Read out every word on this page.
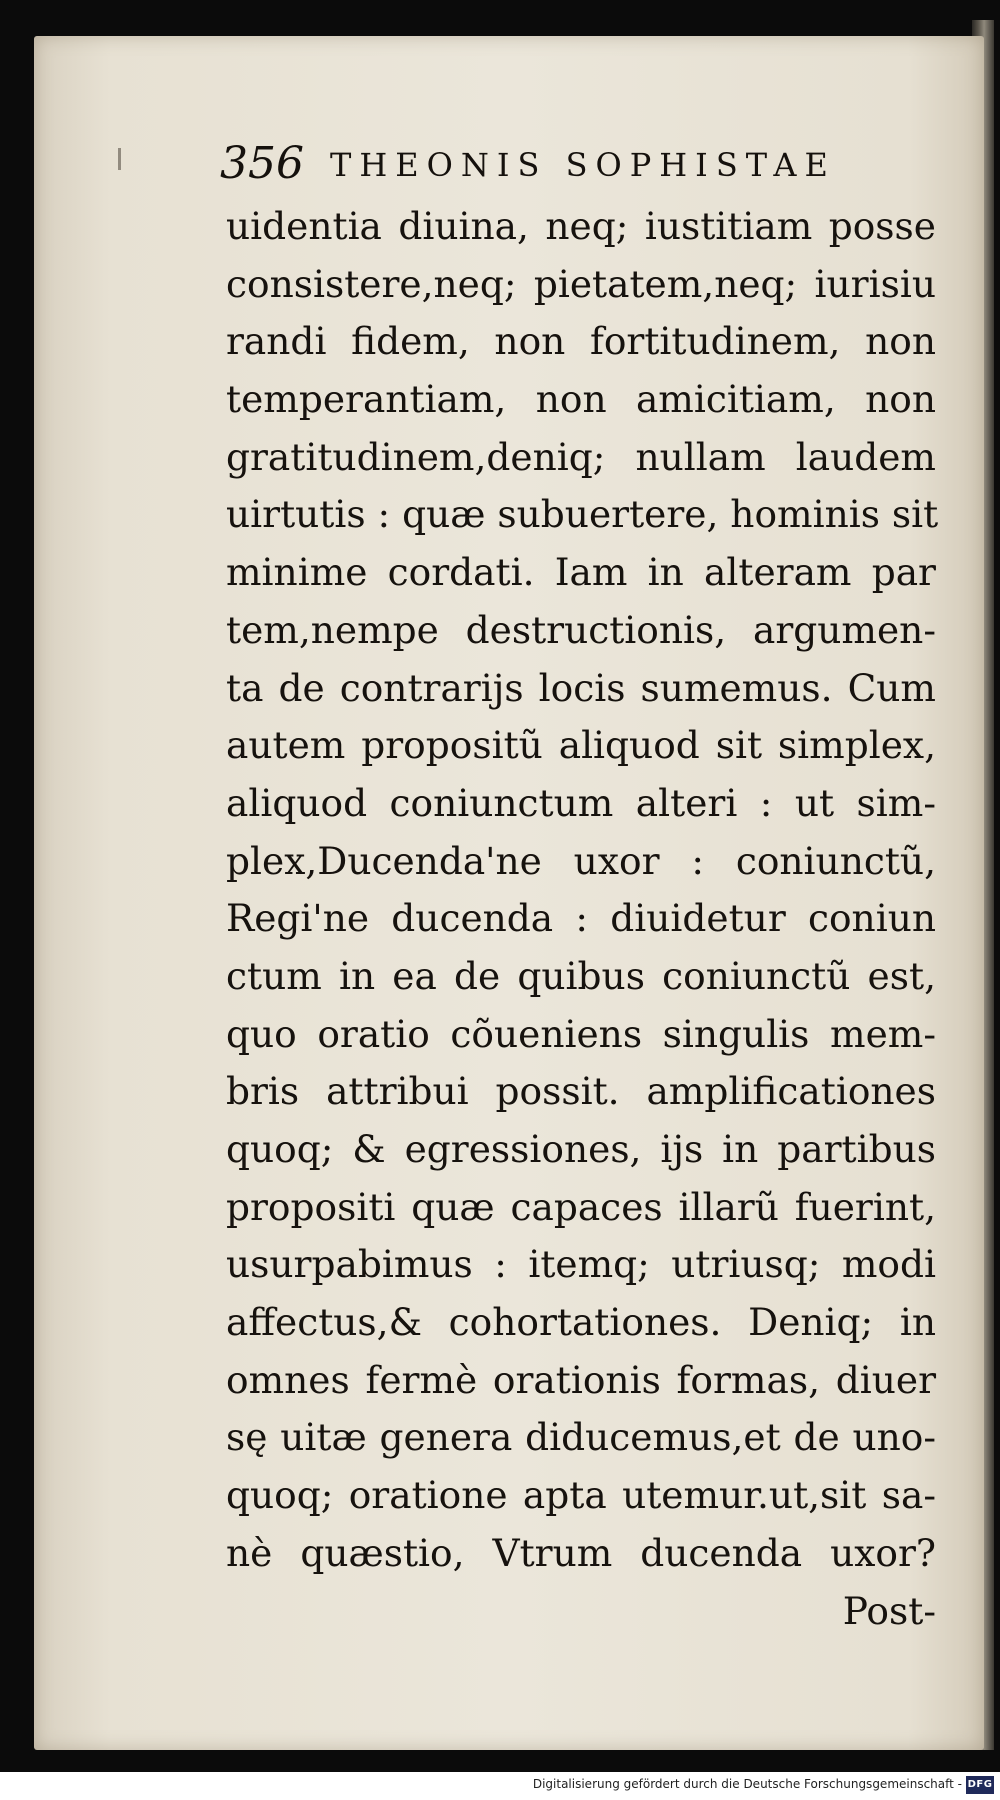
356 THEONIS SOPHISTAE
uidentia diuina, neq; iustitiam posse
consistere,neq; pietatem,neq; iurisiu
randi fidem, non fortitudinem, non
temperantiam, non amicitiam, non
gratitudinem,deniq; nullam laudem
uirtutis : quæ subuertere, hominis sit
minime cordati. Iam in alteram par
tem,nempe destructionis, argumen-
ta de contrarijs locis sumemus. Cum
autem propositũ aliquod sit simplex,
aliquod coniunctum alteri : ut sim-
plex,Ducenda'ne uxor : coniunctũ,
Regi'ne ducenda : diuidetur coniun
ctum in ea de quibus coniunctũ est,
quo oratio cõueniens singulis mem-
bris attribui possit. amplificationes
quoq; & egressiones, ijs in partibus
propositi quæ capaces illarũ fuerint,
usurpabimus : itemq; utriusq; modi
affectus,& cohortationes. Deniq; in
omnes fermè orationis formas, diuer
sę uitæ genera diducemus,et de uno-
quoq; oratione apta utemur.ut,sit sa-
nè quæstio, Vtrum ducenda uxor?
Post-
Digitalisierung gefördert durch die Deutsche Forschungsgemeinschaft - DFG
